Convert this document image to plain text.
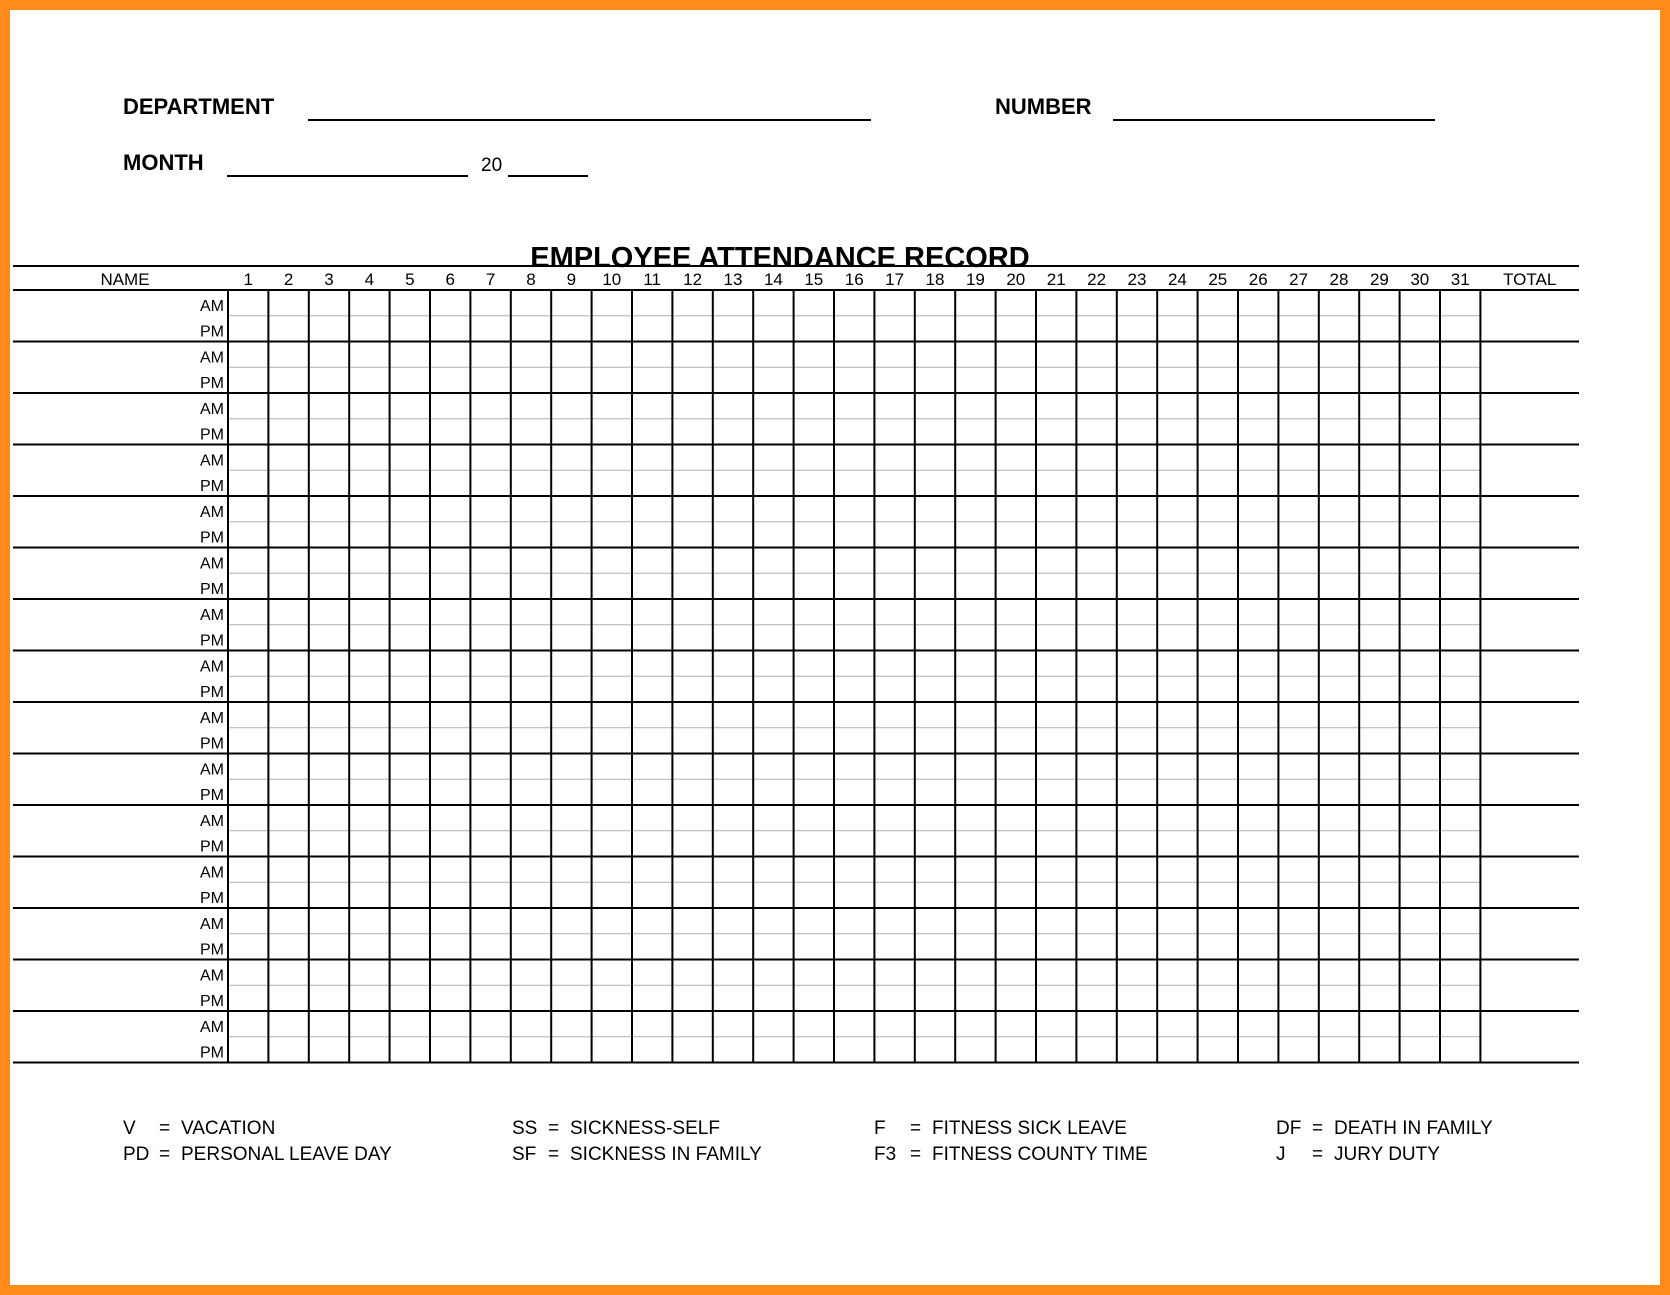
DEPARTMENT	NUMBER
MONTH	20
EMPLOYEE ATTENDANCE RECORD
NAME	1 2 3 4 5 6 7 8 9 10 11 12 13 14 15 16 17 18 19 20 21 22 23 24 25 26 27 28 29 30 31 TOTAL
AM
PM
AM
PM
AM
PM
AM
PM
AM
PM
AM
PM
AM
PM
AM
PM
AM
PM
AM
PM
AM
PM
AM
PM
AM
PM
AM
PM
AM
PM
V = VACATION	SS = SICKNESS-SELF	F = FITNESS SICK LEAVE	DF = DEATH IN FAMILY
PD = PERSONAL LEAVE DAY	SF = SICKNESS IN FAMILY	F3 = FITNESS COUNTY TIME	J = JURY DUTY
